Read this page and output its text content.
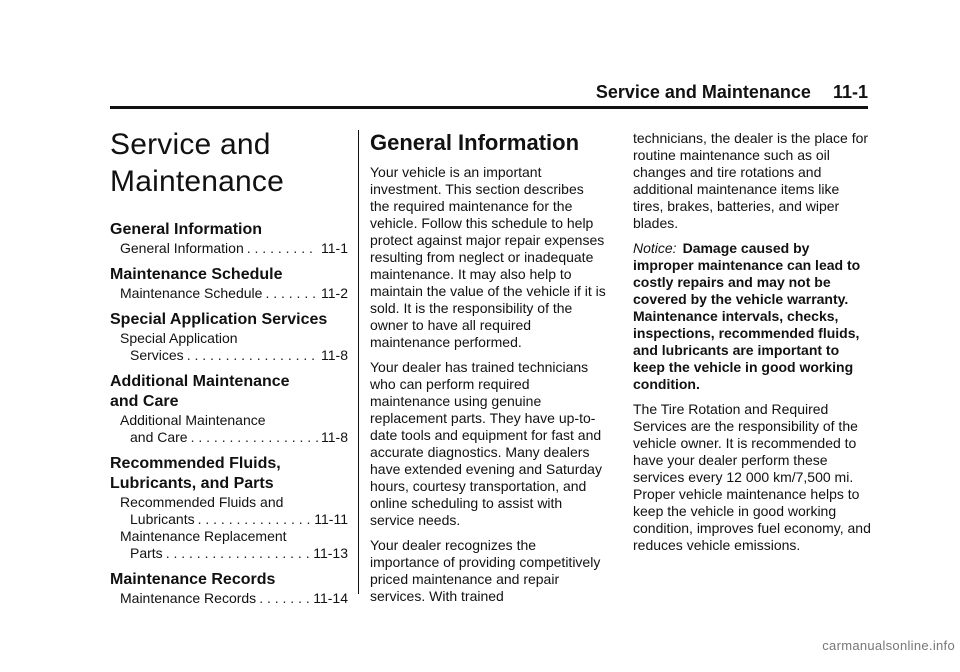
Service and Maintenance 11-1
Service and
Maintenance
General Information
General Information . . .	11-1
Maintenance Schedule
Maintenance Schedule . . .	11-2
Special Application Services
Special Application
Services . . .	11-8
Additional Maintenance
and Care
Additional Maintenance
and Care . . .	11-8
Recommended Fluids,
Lubricants, and Parts
Recommended Fluids and
Lubricants . . .	11-11
Maintenance Replacement
Parts . . .	11-13
Maintenance Records
Maintenance Records . . .	11-14
General Information

Your vehicle is an important investment. This section describes the required maintenance for the vehicle. Follow this schedule to help protect against major repair expenses resulting from neglect or inadequate maintenance. It may also help to maintain the value of the vehicle if it is sold. It is the responsibility of the owner to have all required maintenance performed.

Your dealer has trained technicians who can perform required maintenance using genuine replacement parts. They have up-to-date tools and equipment for fast and accurate diagnostics. Many dealers have extended evening and Saturday hours, courtesy transportation, and online scheduling to assist with service needs.

Your dealer recognizes the importance of providing competitively priced maintenance and repair services. With trained

technicians, the dealer is the place for routine maintenance such as oil changes and tire rotations and additional maintenance items like tires, brakes, batteries, and wiper blades.

Notice: Damage caused by improper maintenance can lead to costly repairs and may not be covered by the vehicle warranty. Maintenance intervals, checks, inspections, recommended fluids, and lubricants are important to keep the vehicle in good working condition.

The Tire Rotation and Required Services are the responsibility of the vehicle owner. It is recommended to have your dealer perform these services every 12 000 km/7,500 mi. Proper vehicle maintenance helps to keep the vehicle in good working condition, improves fuel economy, and reduces vehicle emissions.

carmanualsonline.info
